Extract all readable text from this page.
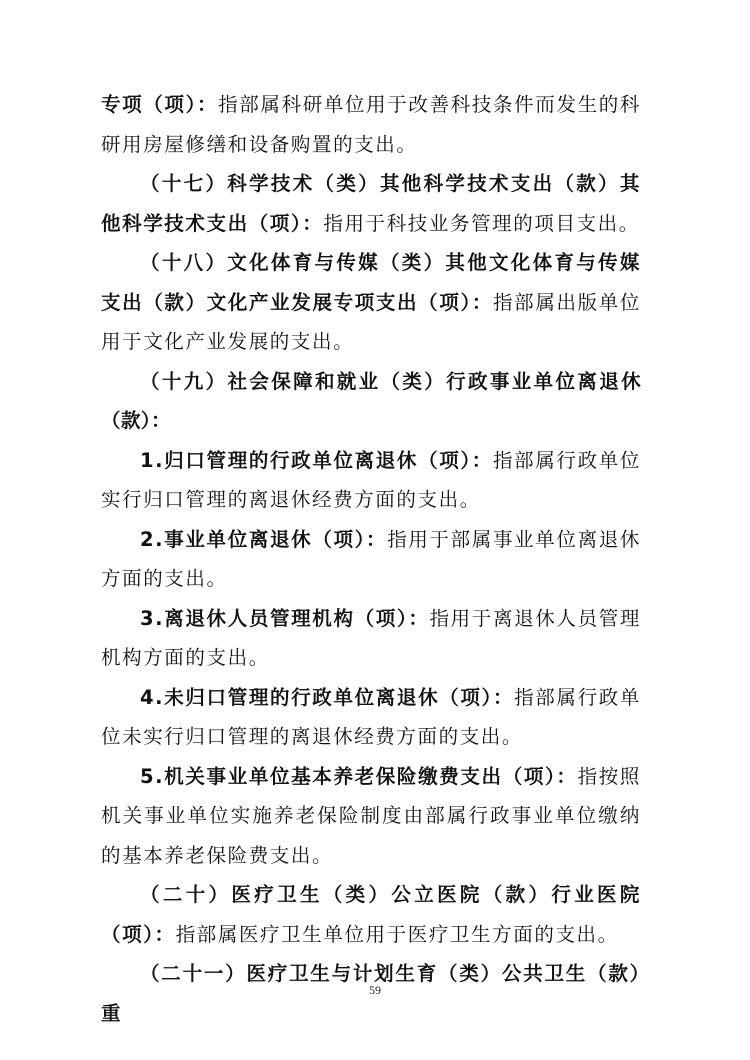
专项（项）：指部属科研单位用于改善科技条件而发生的科研用房屋修缮和设备购置的支出。

（十七）科学技术（类）其他科学技术支出（款）其他科学技术支出（项）：指用于科技业务管理的项目支出。

（十八）文化体育与传媒（类）其他文化体育与传媒支出（款）文化产业发展专项支出（项）：指部属出版单位用于文化产业发展的支出。

（十九）社会保障和就业（类）行政事业单位离退休（款）：

1.归口管理的行政单位离退休（项）：指部属行政单位实行归口管理的离退休经费方面的支出。

2.事业单位离退休（项）：指用于部属事业单位离退休方面的支出。

3.离退休人员管理机构（项）：指用于离退休人员管理机构方面的支出。

4.未归口管理的行政单位离退休（项）：指部属行政单位未实行归口管理的离退休经费方面的支出。

5.机关事业单位基本养老保险缴费支出（项）：指按照机关事业单位实施养老保险制度由部属行政事业单位缴纳的基本养老保险费支出。

（二十）医疗卫生（类）公立医院（款）行业医院（项）：指部属医疗卫生单位用于医疗卫生方面的支出。

（二十一）医疗卫生与计划生育（类）公共卫生（款）重

59
